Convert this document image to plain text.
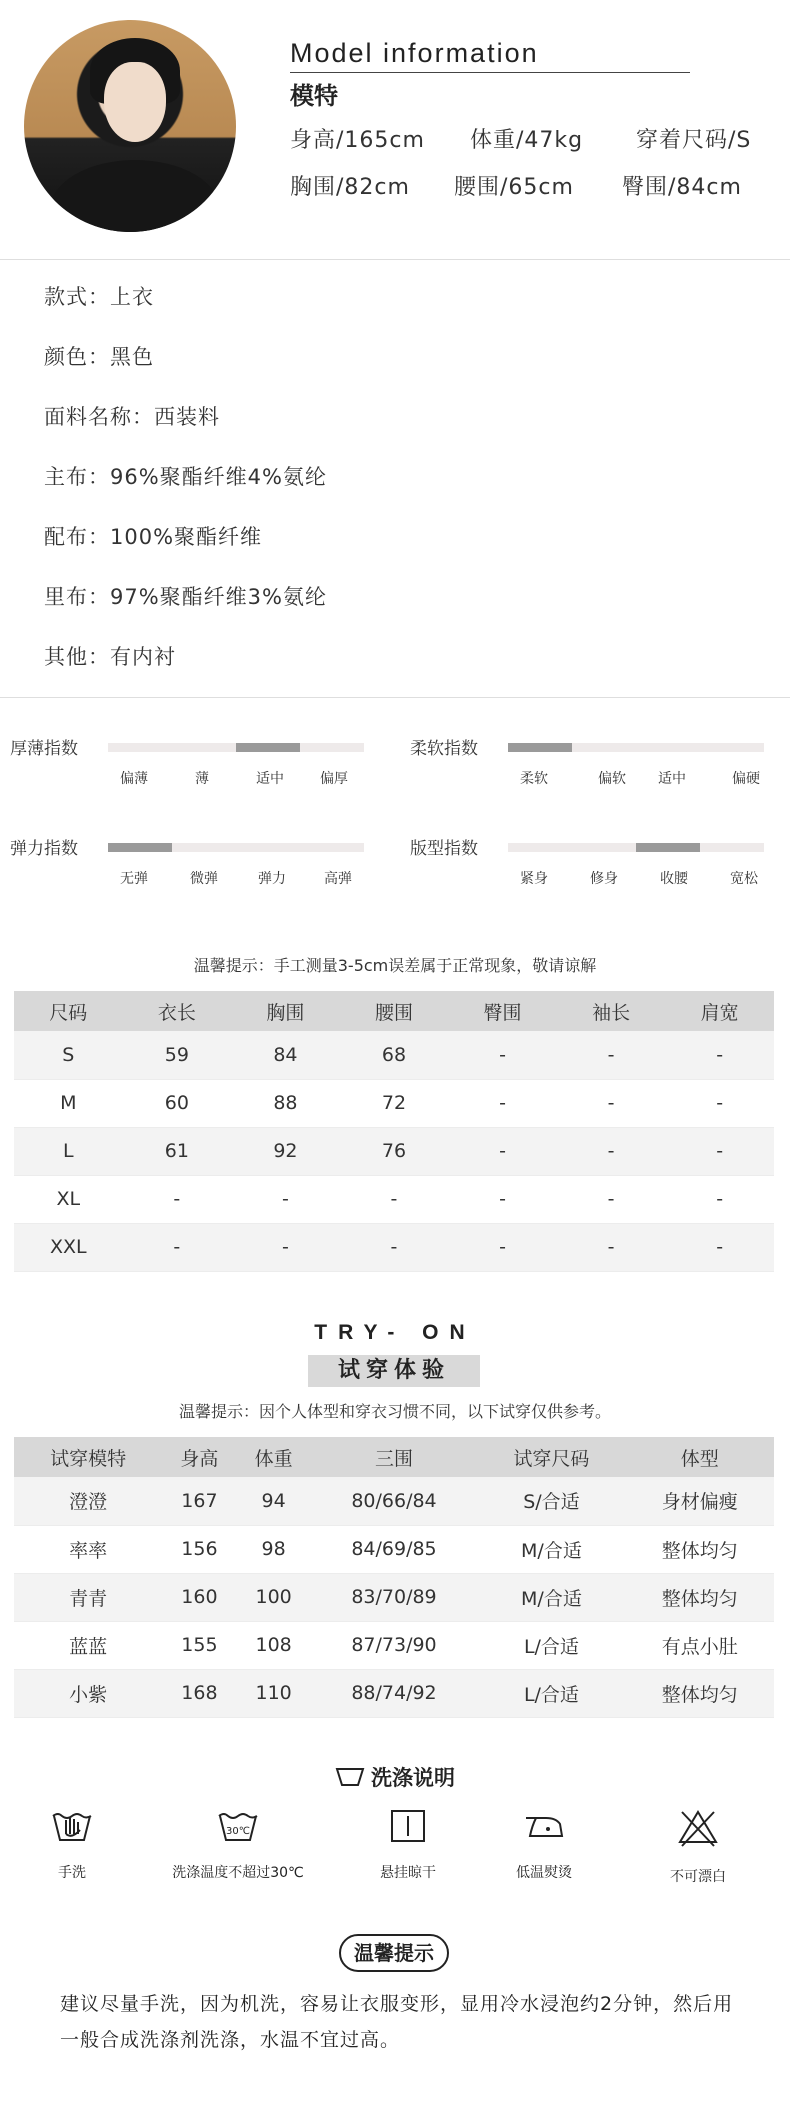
Model information
模特
身高/165cm 体重/47kg 穿着尺码/S
胸围/82cm 腰围/65cm 臀围/84cm
款式：上衣
颜色：黑色
面料名称：西装料
主布：96%聚酯纤维4%氨纶
配布：100%聚酯纤维
里布：97%聚酯纤维3%氨纶
其他：有内衬
厚薄指数
偏薄	薄	适中	偏厚
柔软指数
柔软	偏软 适中	偏硬
弹力指数
无弹	微弹	弹力	高弹
版型指数
紧身	修身	收腰	宽松
温馨提示：手工测量3-5cm误差属于正常现象，敬请谅解
尺码	衣长	胸围	腰围	臀围	袖长	肩宽
S	59	84	68	-	-	-
M	60	88	72	-	-	-
L	61	92	76	-	-	-
XL	-	-	-	-	-	-
XXL	-	-	-	-	-	-
TRY- ON
试穿体验
温馨提示：因个人体型和穿衣习惯不同，以下试穿仅供参考。
试穿模特	身高	体重	三围	试穿尺码	体型
澄澄	167	94	80/66/84	S/合适	身材偏瘦
率率	156	98	84/69/85	M/合适	整体均匀
青青	160	100	83/70/89	M/合适	整体均匀
蓝蓝	155	108	87/73/90	L/合适	有点小肚
小紫	168	110	88/74/92	L/合适	整体均匀
洗涤说明
手洗
30℃
洗涤温度不超过30℃	悬挂晾干	低温熨烫	不可漂白
温馨提示
建议尽量手洗，因为机洗，容易让衣服变形，显用冷水浸泡约2分钟，然后用一般合成洗涤剂洗涤，水温不宜过高。
